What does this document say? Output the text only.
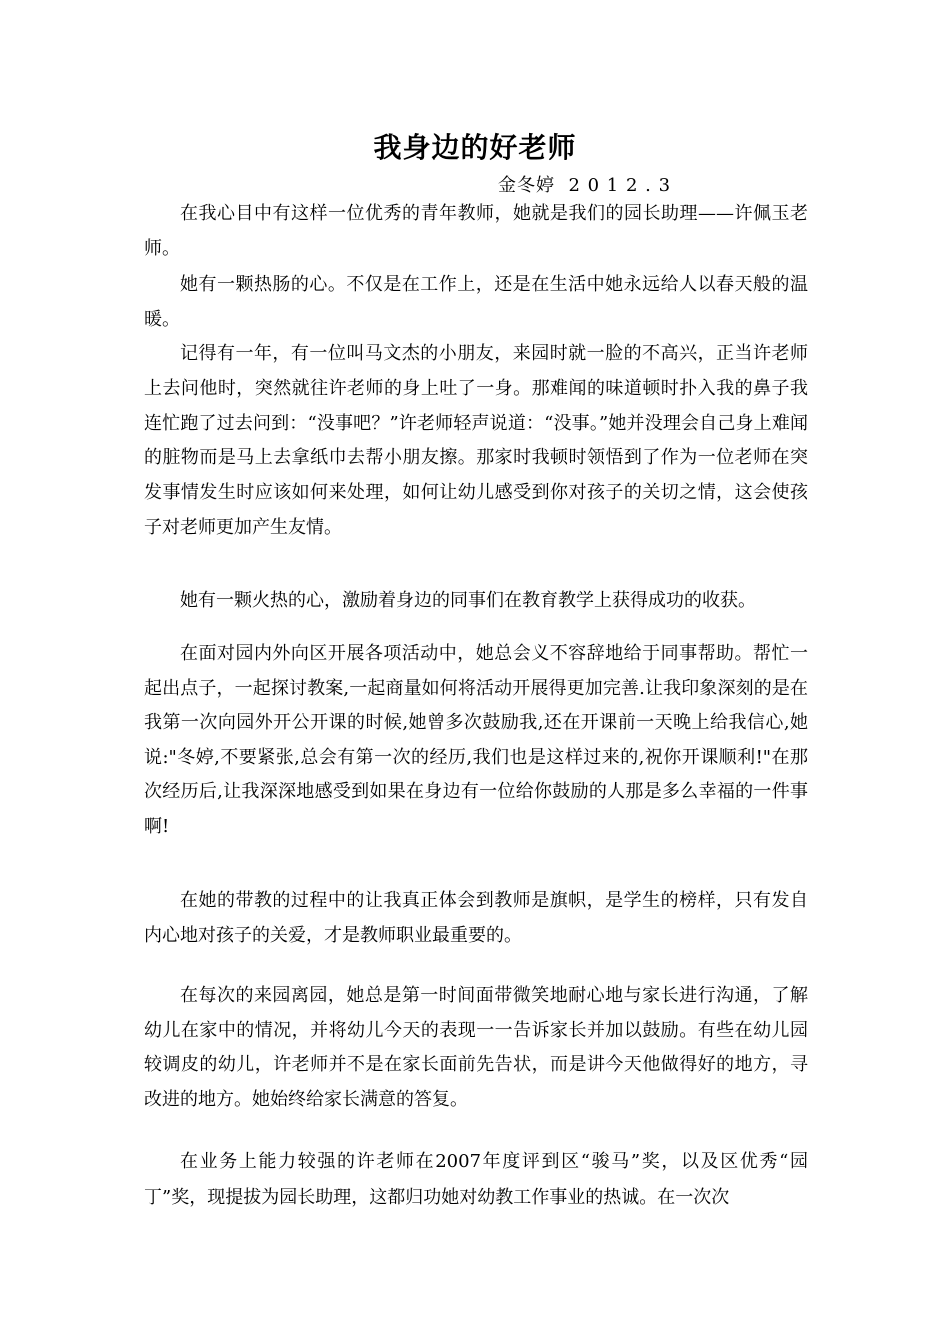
我身边的好老师
金冬婷  2 0 1 2 . 3

在我心目中有这样一位优秀的青年教师，她就是我们的园长助理——许佩玉老师。

她有一颗热肠的心。不仅是在工作上，还是在生活中她永远给人以春天般的温暖。

记得有一年，有一位叫马文杰的小朋友，来园时就一脸的不高兴，正当许老师上去问他时，突然就往许老师的身上吐了一身。那难闻的味道顿时扑入我的鼻子我连忙跑了过去问到：“没事吧？”许老师轻声说道：“没事。”她并没理会自己身上难闻的脏物而是马上去拿纸巾去帮小朋友擦。那家时我顿时领悟到了作为一位老师在突发事情发生时应该如何来处理，如何让幼儿感受到你对孩子的关切之情，这会使孩子对老师更加产生友情。

她有一颗火热的心，激励着身边的同事们在教育教学上获得成功的收获。

在面对园内外向区开展各项活动中，她总会义不容辞地给于同事帮助。帮忙一起出点子，一起探讨教案,一起商量如何将活动开展得更加完善.让我印象深刻的是在我第一次向园外开公开课的时候,她曾多次鼓励我,还在开课前一天晚上给我信心,她说:"冬婷,不要紧张,总会有第一次的经历,我们也是这样过来的,祝你开课顺利!"在那次经历后,让我深深地感受到如果在身边有一位给你鼓励的人那是多么幸福的一件事啊!

在她的带教的过程中的让我真正体会到教师是旗帜，是学生的榜样，只有发自内心地对孩子的关爱，才是教师职业最重要的。

在每次的来园离园，她总是第一时间面带微笑地耐心地与家长进行沟通，了解幼儿在家中的情况，并将幼儿今天的表现一一告诉家长并加以鼓励。有些在幼儿园较调皮的幼儿，许老师并不是在家长面前先告状，而是讲今天他做得好的地方，寻改进的地方。她始终给家长满意的答复。

在业务上能力较强的许老师在2007年度评到区“骏马”奖，以及区优秀“园丁”奖，现提拔为园长助理，这都归功她对幼教工作事业的热诚。在一次次
